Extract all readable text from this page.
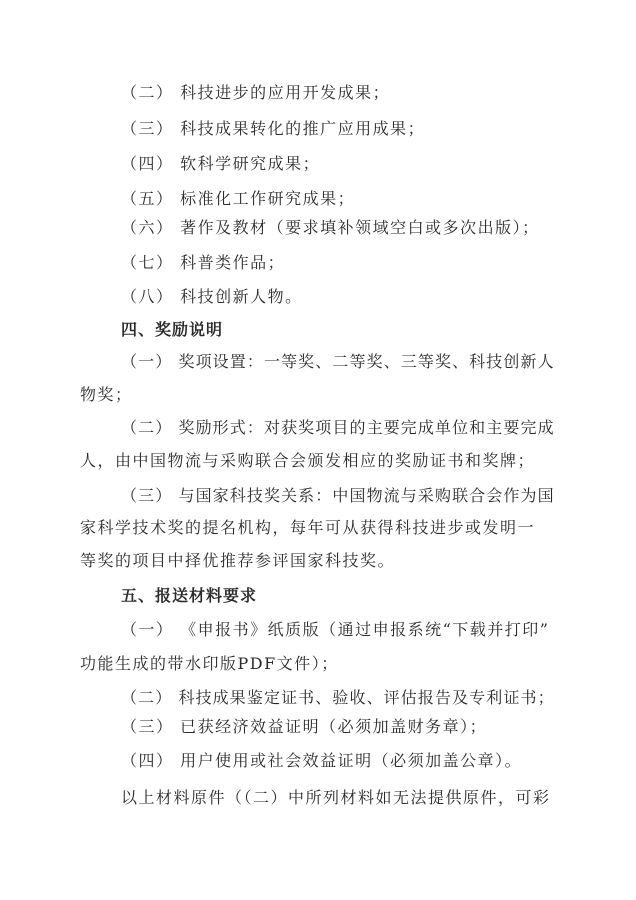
（二） 科技进步的应用开发成果；
（三） 科技成果转化的推广应用成果；
（四） 软科学研究成果；
（五） 标准化工作研究成果；
（六） 著作及教材（要求填补领域空白或多次出版）；
（七） 科普类作品；
（八） 科技创新人物。
四、奖励说明
（一） 奖项设置：一等奖、二等奖、三等奖、科技创新人
物奖；
（二） 奖励形式：对获奖项目的主要完成单位和主要完成
人，由中国物流与采购联合会颁发相应的奖励证书和奖牌；
（三） 与国家科技奖关系：中国物流与采购联合会作为国
家科学技术奖的提名机构，每年可从获得科技进步或发明一
等奖的项目中择优推荐参评国家科技奖。
五、报送材料要求
（一） 《申报书》纸质版（通过申报系统“下载并打印”
功能生成的带水印版PDF文件）；
（二） 科技成果鉴定证书、验收、评估报告及专利证书；
（三） 已获经济效益证明（必须加盖财务章）；
（四） 用户使用或社会效益证明（必须加盖公章）。
以上材料原件（（二）中所列材料如无法提供原件，可彩
